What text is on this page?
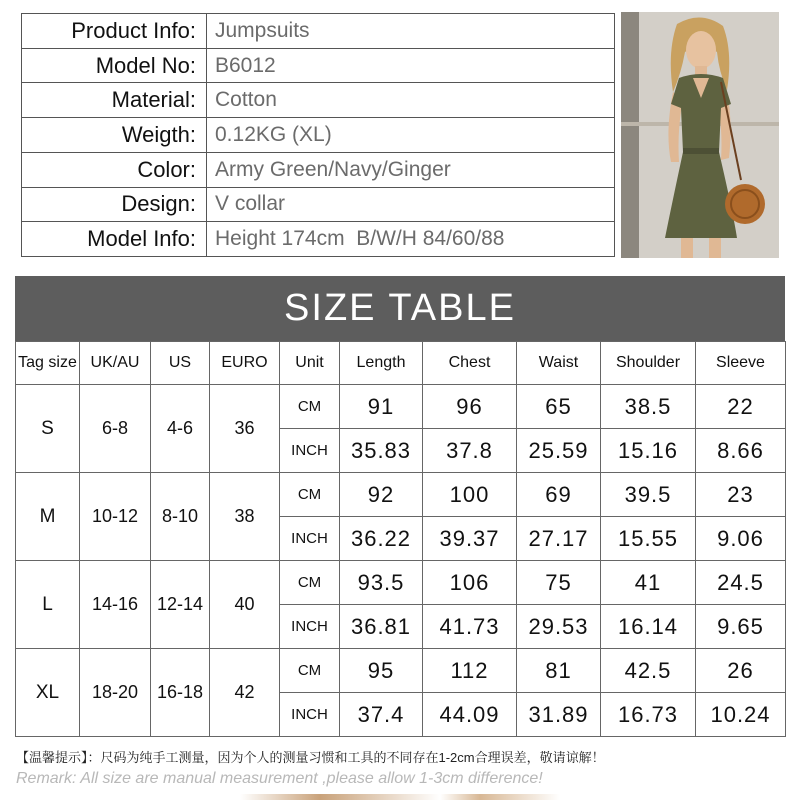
Product Info: Jumpsuits
Model No: B6012
Material: Cotton
Weigth: 0.12KG (XL)
Color: Army Green/Navy/Ginger
Design: V collar
Model Info: Height 174cm  B/W/H 84/60/88
SIZE TABLE
Tag size	UK/AU	US	EURO	Unit	Length	Chest	Waist	Shoulder	Sleeve
S	6-8	4-6	36	CM	91	96	65	38.5	22
				INCH	35.83	37.8	25.59	15.16	8.66
M	10-12	8-10	38	CM	92	100	69	39.5	23
				INCH	36.22	39.37	27.17	15.55	9.06
L	14-16	12-14	40	CM	93.5	106	75	41	24.5
				INCH	36.81	41.73	29.53	16.14	9.65
XL	18-20	16-18	42	CM	95	112	81	42.5	26
				INCH	37.4	44.09	31.89	16.73	10.24
【温馨提示】：尺码为纯手工测量，因为个人的测量习惯和工具的不同存在1-2cm合理误差，敬请谅解！
Remark: All size are manual measurement ,please allow 1-3cm difference!
